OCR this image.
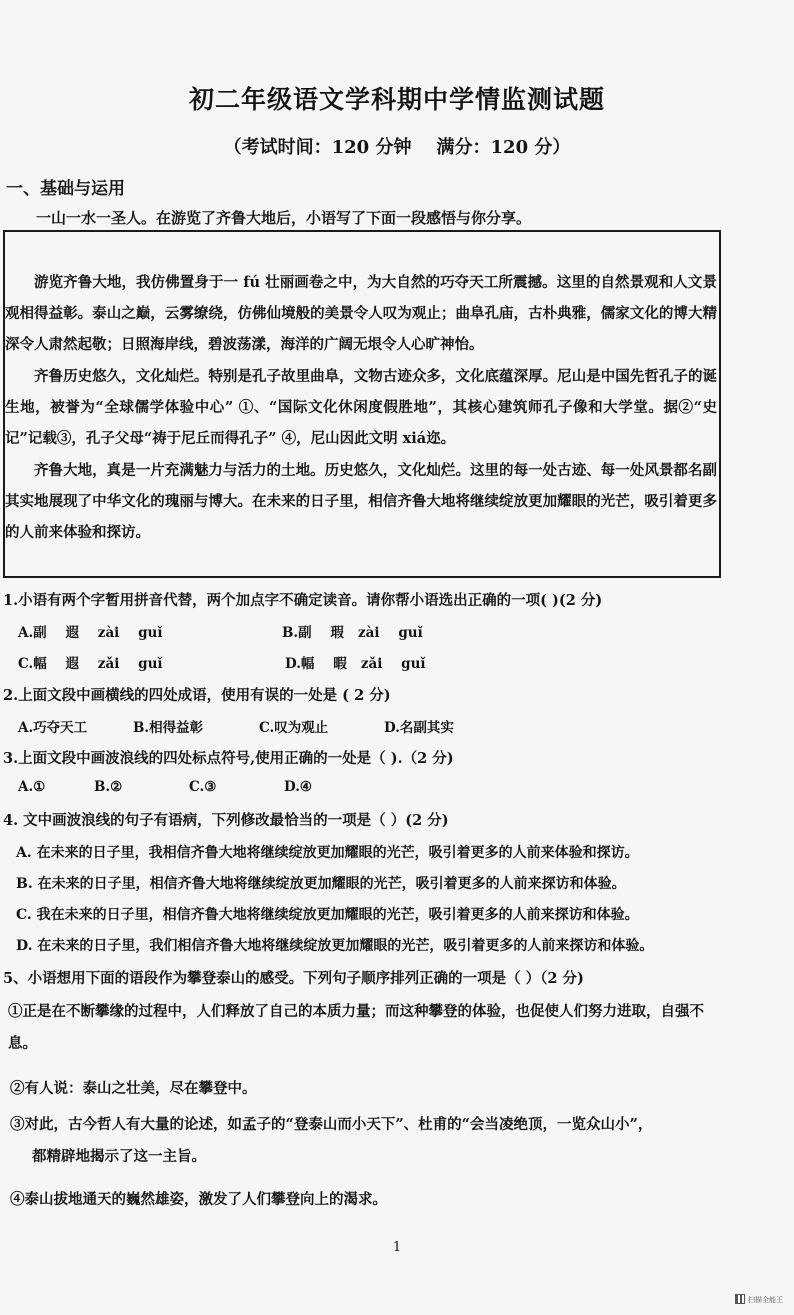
初二年级语文学科期中学情监测试题
（考试时间：120 分钟    满分：120 分）
一、基础与运用
一山一水一圣人。在游览了齐鲁大地后，小语写了下面一段感悟与你分享。
游览齐鲁大地，我仿佛置身于一 fú 壮丽画卷之中，为大自然的巧夺天工所震撼。这里的自然景观和人文景观相得益彰。泰山之巅，云雾缭绕，仿佛仙境般的美景令人叹为观止；曲阜孔庙，古朴典雅，儒家文化的博大精深令人肃然起敬；日照海岸线，碧波荡漾，海洋的广阔无垠令人心旷神怡。
齐鲁历史悠久，文化灿烂。特别是孔子故里曲阜，文物古迹众多，文化底蕴深厚。尼山是中国先哲孔子的诞生地，被誉为“全球儒学体验中心” ①、“国际文化休闲度假胜地”，其核心建筑师孔子像和大学堂。据②“史记”记载③，孔子父母“祷于尼丘而得孔子” ④，尼山因此文明 xiá迩。
齐鲁大地，真是一片充满魅力与活力的土地。历史悠久，文化灿烂。这里的每一处古迹、每一处风景都名副其实地展现了中华文化的瑰丽与博大。在未来的日子里，相信齐鲁大地将继续绽放更加耀眼的光芒，吸引着更多的人前来体验和探访。
1.小语有两个字暂用拼音代替，两个加点字不确定读音。请你帮小语选出正确的一项( )(2 分)
A.副    遐    zài    guǐ	B.副    瑕   zài    guǐ
C.幅    遐    zǎi    guǐ	D.幅    暇   zǎi    guǐ
2.上面文段中画横线的四处成语，使用有误的一处是 ( 2 分)
A.巧夺天工	B.相得益彰	C.叹为观止	D.名副其实
3.上面文段中画波浪线的四处标点符号,使用正确的一处是（ ).（2 分)
A.①	B.②	C.③	D.④
4. 文中画波浪线的句子有语病，下列修改最恰当的一项是（ ）(2 分)
A. 在未来的日子里，我相信齐鲁大地将继续绽放更加耀眼的光芒，吸引着更多的人前来体验和探访。
B. 在未来的日子里，相信齐鲁大地将继续绽放更加耀眼的光芒，吸引着更多的人前来探访和体验。
C. 我在未来的日子里，相信齐鲁大地将继续绽放更加耀眼的光芒，吸引着更多的人前来探访和体验。
D. 在未来的日子里，我们相信齐鲁大地将继续绽放更加耀眼的光芒，吸引着更多的人前来探访和体验。
5、小语想用下面的语段作为攀登泰山的感受。下列句子顺序排列正确的一项是（ ）（2 分)
①正是在不断攀缘的过程中，人们释放了自己的本质力量；而这种攀登的体验，也促使人们努力进取，自强不息。
②有人说：泰山之壮美，尽在攀登中。
③对此，古今哲人有大量的论述，如孟子的“登泰山而小天下”、杜甫的“会当凌绝顶，一览众山小”，
都精辟地揭示了这一主旨。
④泰山拔地通天的巍然雄姿，激发了人们攀登向上的渴求。
1
扫描全能王
